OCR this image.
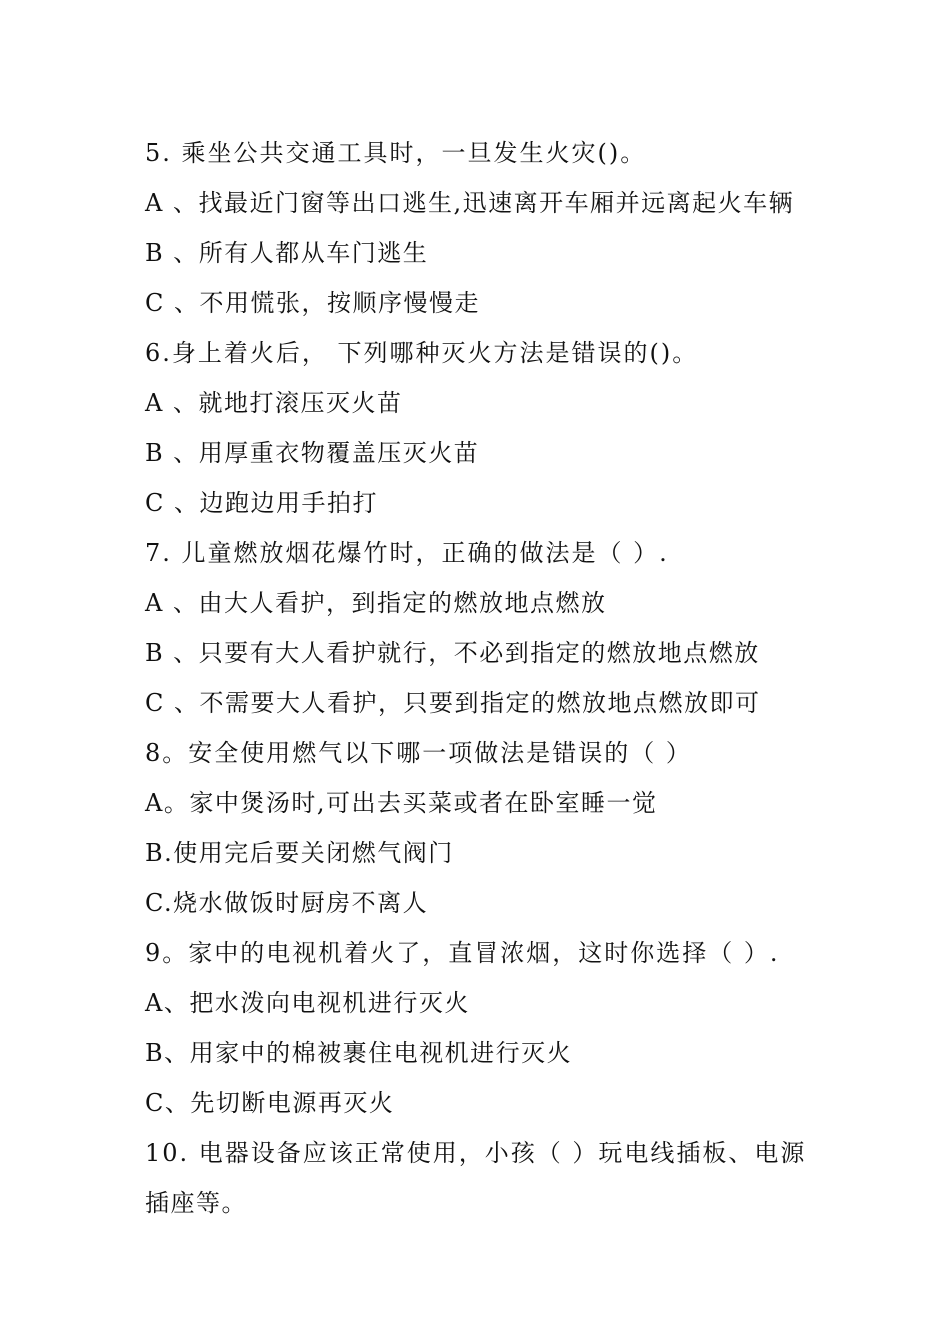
5. 乘坐公共交通工具时，一旦发生火灾()。
A 、找最近门窗等出口逃生,迅速离开车厢并远离起火车辆
B 、所有人都从车门逃生
C 、不用慌张，按顺序慢慢走
6.身上着火后， 下列哪种灭火方法是错误的()。
A 、就地打滚压灭火苗
B 、用厚重衣物覆盖压灭火苗
C 、边跑边用手拍打
7. 儿童燃放烟花爆竹时，正确的做法是（ ）.
A 、由大人看护，到指定的燃放地点燃放
B 、只要有大人看护就行，不必到指定的燃放地点燃放
C 、不需要大人看护，只要到指定的燃放地点燃放即可
8。安全使用燃气以下哪一项做法是错误的（ ）
A。家中煲汤时,可出去买菜或者在卧室睡一觉
B.使用完后要关闭燃气阀门
C.烧水做饭时厨房不离人
9。家中的电视机着火了，直冒浓烟，这时你选择（ ）.
A、把水泼向电视机进行灭火
B、用家中的棉被裹住电视机进行灭火
C、先切断电源再灭火
10. 电器设备应该正常使用，小孩（ ）玩电线插板、电源
插座等。
